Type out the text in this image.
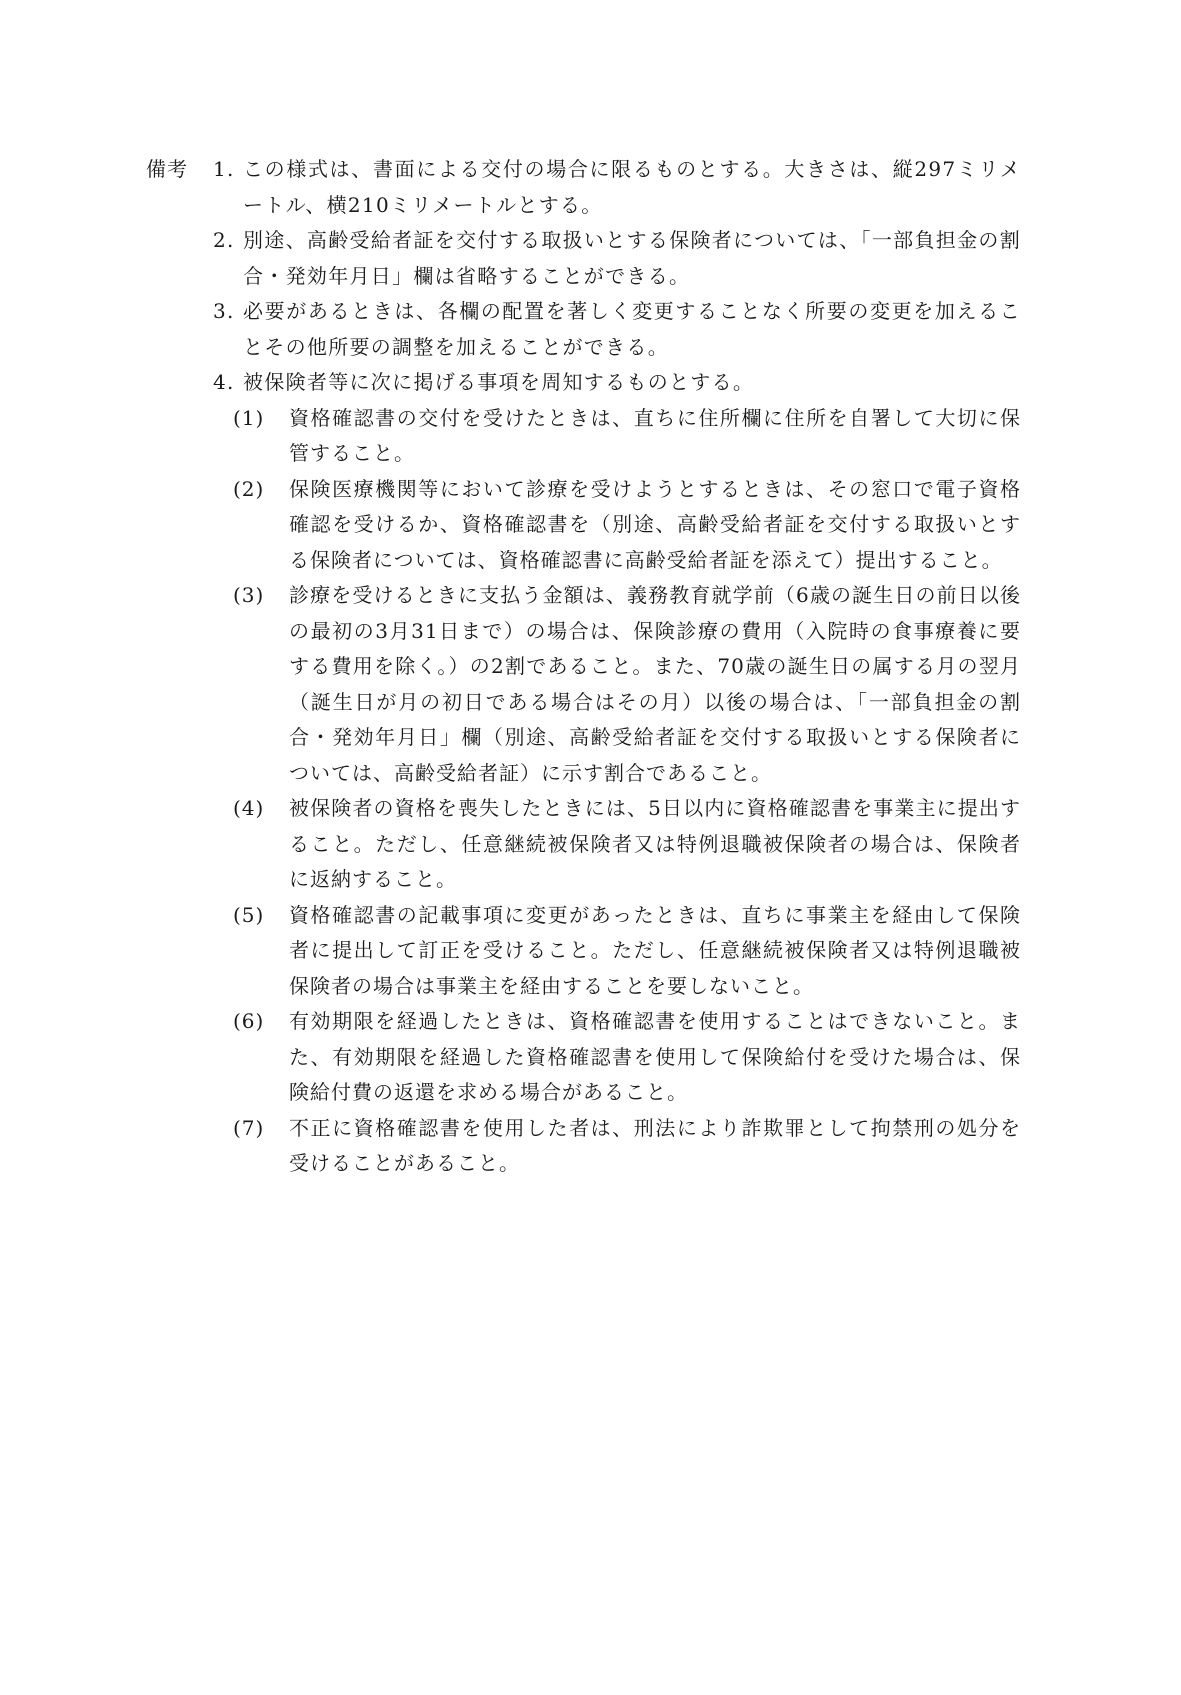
備考 1. この様式は、書面による交付の場合に限るものとする。大きさは、縦297ミリメートル、横210ミリメートルとする。
2. 別途、高齢受給者証を交付する取扱いとする保険者については、「一部負担金の割合・発効年月日」欄は省略することができる。
3. 必要があるときは、各欄の配置を著しく変更することなく所要の変更を加えることその他所要の調整を加えることができる。
4. 被保険者等に次に掲げる事項を周知するものとする。
(1)	資格確認書の交付を受けたときは、直ちに住所欄に住所を自署して大切に保管すること。
(2)	保険医療機関等において診療を受けようとするときは、その窓口で電子資格確認を受けるか、資格確認書を（別途、高齢受給者証を交付する取扱いとする保険者については、資格確認書に高齢受給者証を添えて）提出すること。
(3)	診療を受けるときに支払う金額は、義務教育就学前（6歳の誕生日の前日以後の最初の3月31日まで）の場合は、保険診療の費用（入院時の食事療養に要する費用を除く。）の2割であること。また、70歳の誕生日の属する月の翌月（誕生日が月の初日である場合はその月）以後の場合は、「一部負担金の割合・発効年月日」欄（別途、高齢受給者証を交付する取扱いとする保険者については、高齢受給者証）に示す割合であること。
(4)	被保険者の資格を喪失したときには、5日以内に資格確認書を事業主に提出すること。ただし、任意継続被保険者又は特例退職被保険者の場合は、保険者に返納すること。
(5)	資格確認書の記載事項に変更があったときは、直ちに事業主を経由して保険者に提出して訂正を受けること。ただし、任意継続被保険者又は特例退職被保険者の場合は事業主を経由することを要しないこと。
(6)	有効期限を経過したときは、資格確認書を使用することはできないこと。また、有効期限を経過した資格確認書を使用して保険給付を受けた場合は、保険給付費の返還を求める場合があること。
(7)	不正に資格確認書を使用した者は、刑法により詐欺罪として拘禁刑の処分を受けることがあること。
